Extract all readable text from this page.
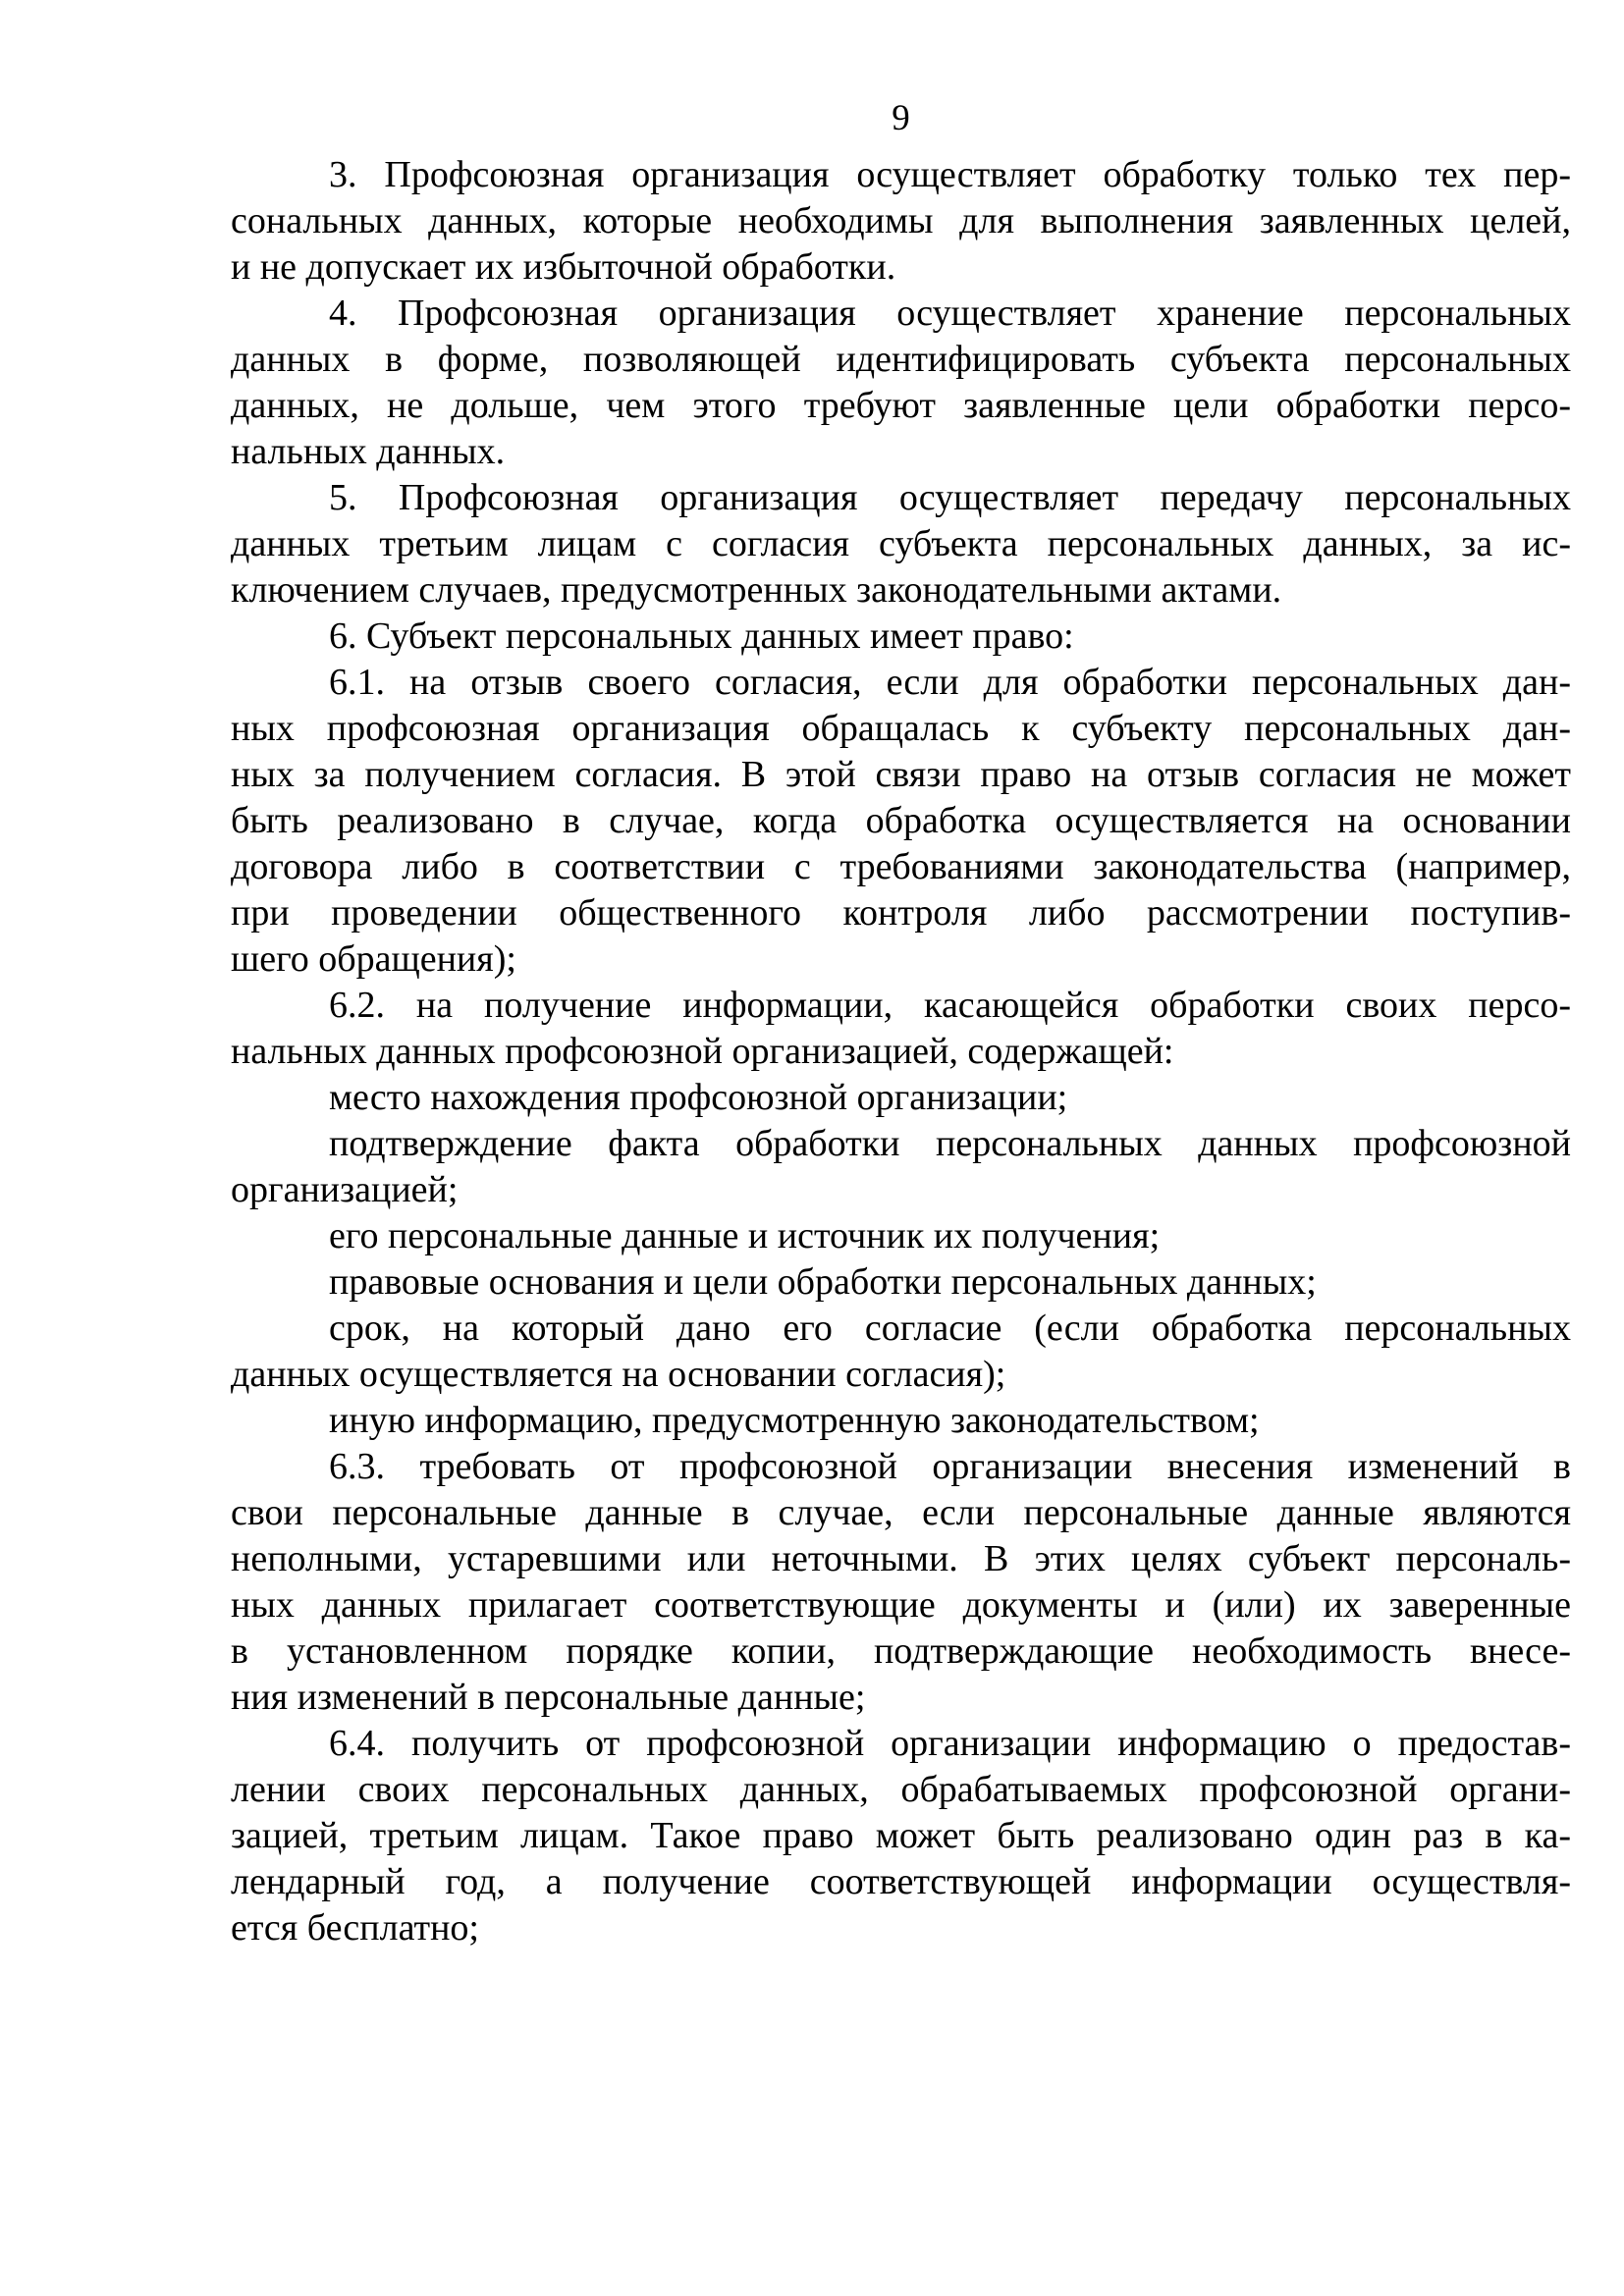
9

3. Профсоюзная организация осуществляет обработку только тех пер-
сональных данных, которые необходимы для выполнения заявленных целей,
и не допускает их избыточной обработки.

4. Профсоюзная организация осуществляет хранение персональных
данных в форме, позволяющей идентифицировать субъекта персональных
данных, не дольше, чем этого требуют заявленные цели обработки персо-
нальных данных.

5. Профсоюзная организация осуществляет передачу персональных
данных третьим лицам с согласия субъекта персональных данных, за ис-
ключением случаев, предусмотренных законодательными актами.

6. Субъект персональных данных имеет право:

6.1. на отзыв своего согласия, если для обработки персональных дан-
ных профсоюзная организация обращалась к субъекту персональных дан-
ных за получением согласия. В этой связи право на отзыв согласия не может
быть реализовано в случае, когда обработка осуществляется на основании
договора либо в соответствии с требованиями законодательства (например,
при проведении общественного контроля либо рассмотрении поступив-
шего обращения);

6.2. на получение информации, касающейся обработки своих персо-
нальных данных профсоюзной организацией, содержащей:

место нахождения профсоюзной организации;

подтверждение факта обработки персональных данных профсоюзной
организацией;

его персональные данные и источник их получения;

правовые основания и цели обработки персональных данных;

срок, на который дано его согласие (если обработка персональных
данных осуществляется на основании согласия);

иную информацию, предусмотренную законодательством;

6.3. требовать от профсоюзной организации внесения изменений в
свои персональные данные в случае, если персональные данные являются
неполными, устаревшими или неточными. В этих целях субъект персональ-
ных данных прилагает соответствующие документы и (или) их заверенные
в установленном порядке копии, подтверждающие необходимость внесе-
ния изменений в персональные данные;

6.4. получить от профсоюзной организации информацию о предостав-
лении своих персональных данных, обрабатываемых профсоюзной органи-
зацией, третьим лицам. Такое право может быть реализовано один раз в ка-
лендарный год, а получение соответствующей информации осуществля-
ется бесплатно;
